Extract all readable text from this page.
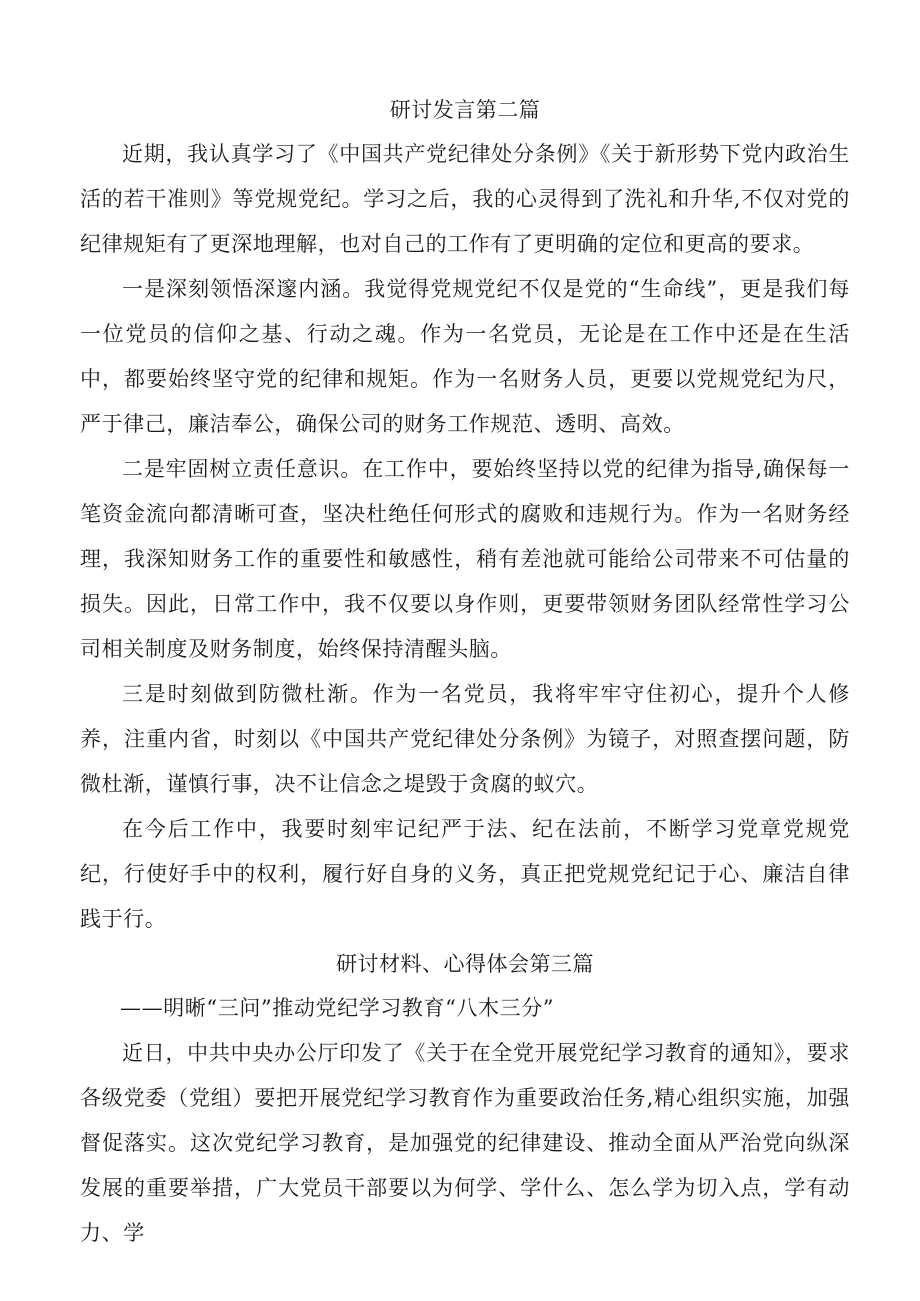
研讨发言第二篇

近期，我认真学习了《中国共产党纪律处分条例》《关于新形势下党内政治生活的若干准则》等党规党纪。学习之后，我的心灵得到了洗礼和升华,不仅对党的纪律规矩有了更深地理解，也对自己的工作有了更明确的定位和更高的要求。

一是深刻领悟深邃内涵。我觉得党规党纪不仅是党的“生命线”，更是我们每一位党员的信仰之基、行动之魂。作为一名党员，无论是在工作中还是在生活中，都要始终坚守党的纪律和规矩。作为一名财务人员，更要以党规党纪为尺，严于律己，廉洁奉公，确保公司的财务工作规范、透明、高效。

二是牢固树立责任意识。在工作中，要始终坚持以党的纪律为指导,确保每一笔资金流向都清晰可查，坚决杜绝任何形式的腐败和违规行为。作为一名财务经理，我深知财务工作的重要性和敏感性，稍有差池就可能给公司带来不可估量的损失。因此，日常工作中，我不仅要以身作则，更要带领财务团队经常性学习公司相关制度及财务制度，始终保持清醒头脑。

三是时刻做到防微杜渐。作为一名党员，我将牢牢守住初心，提升个人修养，注重内省，时刻以《中国共产党纪律处分条例》为镜子，对照查摆问题，防微杜渐，谨慎行事，决不让信念之堤毁于贪腐的蚁穴。

在今后工作中，我要时刻牢记纪严于法、纪在法前，不断学习党章党规党纪，行使好手中的权利，履行好自身的义务，真正把党规党纪记于心、廉洁自律践于行。

研讨材料、心得体会第三篇
——明晰“三问”推动党纪学习教育“八木三分”

近日，中共中央办公厅印发了《关于在全党开展党纪学习教育的通知》，要求各级党委（党组）要把开展党纪学习教育作为重要政治任务,精心组织实施，加强督促落实。这次党纪学习教育，是加强党的纪律建设、推动全面从严治党向纵深发展的重要举措，广大党员干部要以为何学、学什么、怎么学为切入点，学有动力、学
